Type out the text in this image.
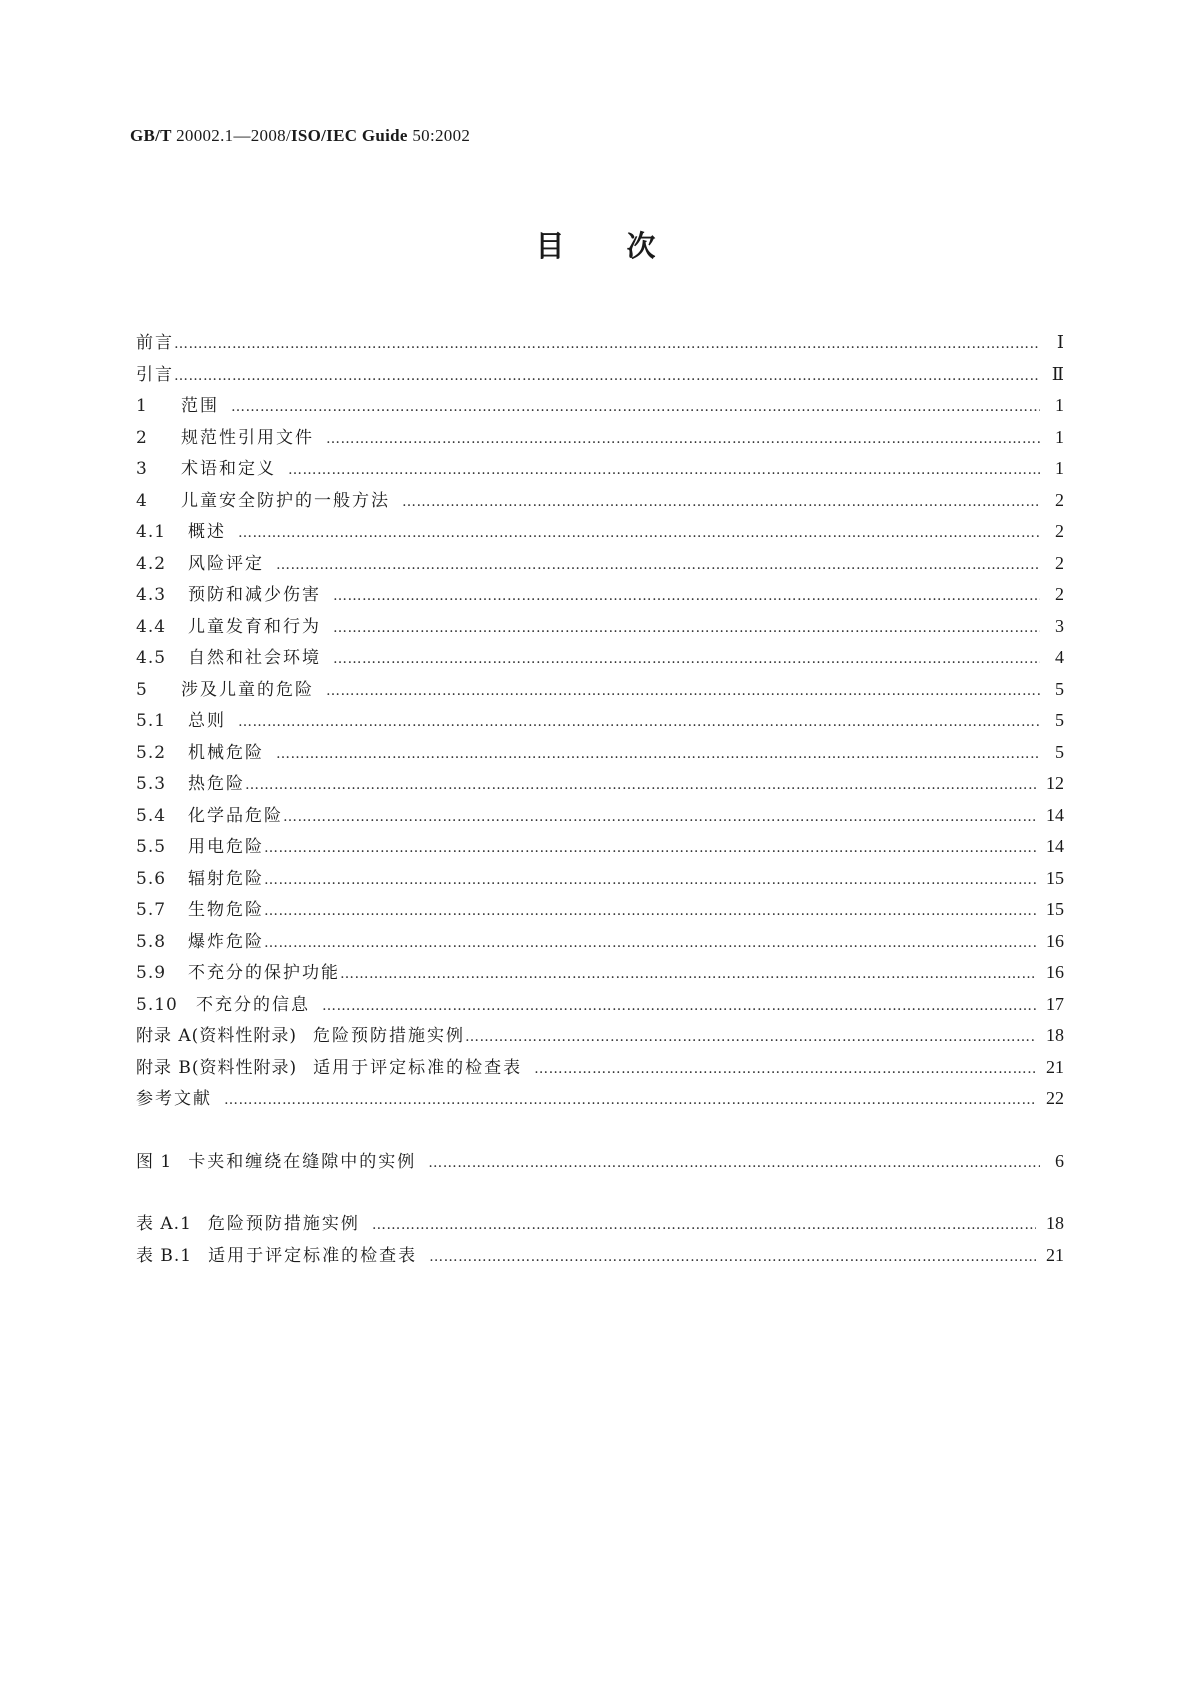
GB/T 20002.1—2008/ISO/IEC Guide 50:2002
目次
前言 ………………………………………………………………………………………………………………………………………………………………………………………………………………………………………………	Ⅰ
引言 ………………………………………………………………………………………………………………………………………………………………………………………………………………………………………………	Ⅱ
1	范围 ………………………………………………………………………………………………………………………………………………………………………………………………………………………………………………	1
2	规范性引用文件 ………………………………………………………………………………………………………………………………………………………………………………………………………………………………………………	1
3	术语和定义 ………………………………………………………………………………………………………………………………………………………………………………………………………………………………………………	1
4	儿童安全防护的一般方法 ………………………………………………………………………………………………………………………………………………………………………………………………………………………………………………	2
4.1	概述 ………………………………………………………………………………………………………………………………………………………………………………………………………………………………………………	2
4.2	风险评定 ………………………………………………………………………………………………………………………………………………………………………………………………………………………………………………	2
4.3	预防和减少伤害 ………………………………………………………………………………………………………………………………………………………………………………………………………………………………………………	2
4.4	儿童发育和行为 ………………………………………………………………………………………………………………………………………………………………………………………………………………………………………………	3
4.5	自然和社会环境 ………………………………………………………………………………………………………………………………………………………………………………………………………………………………………………	4
5	涉及儿童的危险 ………………………………………………………………………………………………………………………………………………………………………………………………………………………………………………	5
5.1	总则 ………………………………………………………………………………………………………………………………………………………………………………………………………………………………………………	5
5.2	机械危险 ………………………………………………………………………………………………………………………………………………………………………………………………………………………………………………	5
5.3	热危险 ………………………………………………………………………………………………………………………………………………………………………………………………………………………………………………	12
5.4	化学品危险 ………………………………………………………………………………………………………………………………………………………………………………………………………………………………………………	14
5.5	用电危险 ………………………………………………………………………………………………………………………………………………………………………………………………………………………………………………	14
5.6	辐射危险 ………………………………………………………………………………………………………………………………………………………………………………………………………………………………………………	15
5.7	生物危险 ………………………………………………………………………………………………………………………………………………………………………………………………………………………………………………	15
5.8	爆炸危险 ………………………………………………………………………………………………………………………………………………………………………………………………………………………………………………	16
5.9	不充分的保护功能 ………………………………………………………………………………………………………………………………………………………………………………………………………………………………………………	16
5.10	不充分的信息 ………………………………………………………………………………………………………………………………………………………………………………………………………………………………………………	17
附录 A(资料性附录) 危险预防措施实例 ………………………………………………………………………………………………………………………………………………………………………………………………………………………………………………	18
附录 B(资料性附录) 适用于评定标准的检查表 ………………………………………………………………………………………………………………………………………………………………………………………………………………………………………………	21
参考文献 ………………………………………………………………………………………………………………………………………………………………………………………………………………………………………………	22
图 1 卡夹和缠绕在缝隙中的实例 ………………………………………………………………………………………………………………………………………………………………………………………………………………………………………………	6
表 A.1 危险预防措施实例 ………………………………………………………………………………………………………………………………………………………………………………………………………………………………………………	18
表 B.1 适用于评定标准的检查表 ………………………………………………………………………………………………………………………………………………………………………………………………………………………………………………	21
